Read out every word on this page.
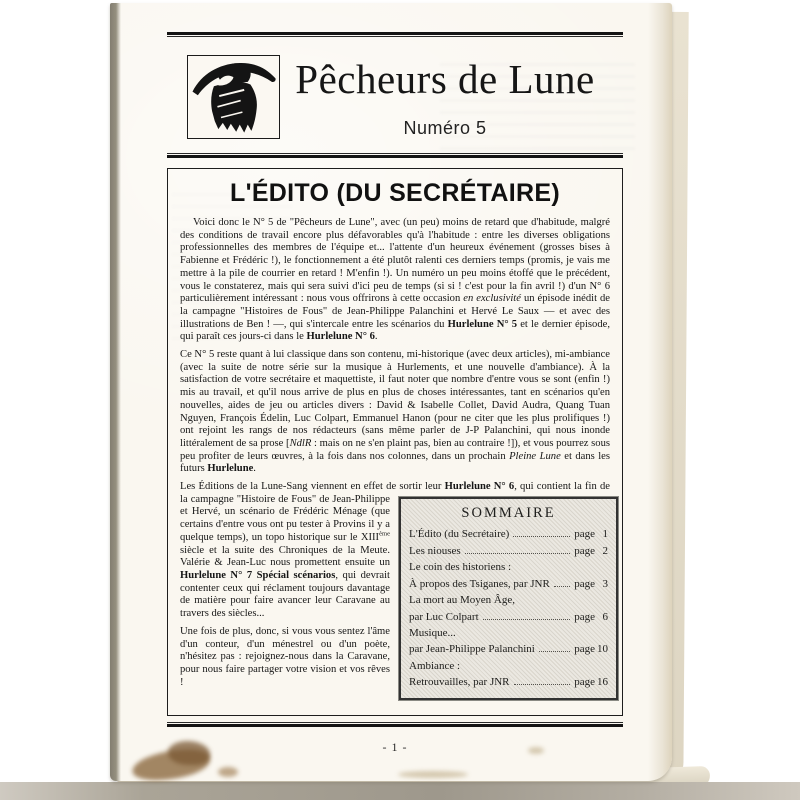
Pêcheurs de Lune
Numéro 5
L'ÉDITO (DU SECRÉTAIRE)

Voici donc le N° 5 de "Pêcheurs de Lune", avec (un peu) moins de retard que d'habitude, malgré des conditions de travail encore plus défavorables qu'à l'habitude : entre les diverses obligations professionnelles des membres de l'équipe et... l'attente d'un heureux événement (grosses bises à Fabienne et Frédéric !), le fonctionnement a été plutôt ralenti ces derniers temps (promis, je vais me mettre à la pile de courrier en retard ! M'enfin !). Un numéro un peu moins étoffé que le précédent, vous le constaterez, mais qui sera suivi d'ici peu de temps (si si ! c'est pour la fin avril !) d'un N° 6 particulièrement intéressant : nous vous offrirons à cette occasion en exclusivité un épisode inédit de la campagne "Histoires de Fous" de Jean-Philippe Palanchini et Hervé Le Saux — et avec des illustrations de Ben ! —, qui s'intercale entre les scénarios du Hurlelune N° 5 et le dernier épisode, qui paraît ces jours-ci dans le Hurlelune N° 6.

Ce N° 5 reste quant à lui classique dans son contenu, mi-historique (avec deux articles), mi-ambiance (avec la suite de notre série sur la musique à Hurlements, et une nouvelle d'ambiance). À la satisfaction de votre secrétaire et maquettiste, il faut noter que nombre d'entre vous se sont (enfin !) mis au travail, et qu'il nous arrive de plus en plus de choses intéressantes, tant en scénarios qu'en nouvelles, aides de jeu ou articles divers : David & Isabelle Collet, David Audra, Quang Tuan Nguyen, François Édelin, Luc Colpart, Emmanuel Hanon (pour ne citer que les plus prolifiques !) ont rejoint les rangs de nos rédacteurs (sans même parler de J-P Palanchini, qui nous inonde littéralement de sa prose [NdlR : mais on ne s'en plaint pas, bien au contraire !]), et vous pourrez sous peu profiter de leurs œuvres, à la fois dans nos colonnes, dans un prochain Pleine Lune et dans les futurs Hurlelune.

Les Éditions de la Lune-Sang viennent en effet de sortir leur Hurlelune N° 6, qui contient la fin
SOMMAIRE
L'Édito (du Secrétaire)	page 1
Les niouses	page 2
Le coin des historiens :
À propos des Tsiganes, par JNR page 3
La mort au Moyen Âge,
par Luc Colpart	page 6
Musique...
par Jean-Philippe Palanchini	page 10
Ambiance :
Retrouvailles, par JNR	page 16
de la campagne "Histoire de Fous" de Jean-Philippe et Hervé, un scénario de Frédéric Ménage (que certains d'entre vous ont pu tester à Provins il y a quelque temps), un topo historique sur le XIIIème siècle et la suite des Chroniques de la Meute. Valérie & Jean-Luc nous promettent ensuite un Hurlelune N° 7 Spécial scénarios, qui devrait contenter ceux qui réclament toujours davantage de matière pour faire avancer leur Caravane au travers des siècles...

Une fois de plus, donc, si vous vous sentez l'âme d'un conteur, d'un ménestrel ou d'un poète, n'hésitez pas : rejoignez-nous dans la Caravane, pour nous faire partager votre vision et vos rêves !

- 1 -
